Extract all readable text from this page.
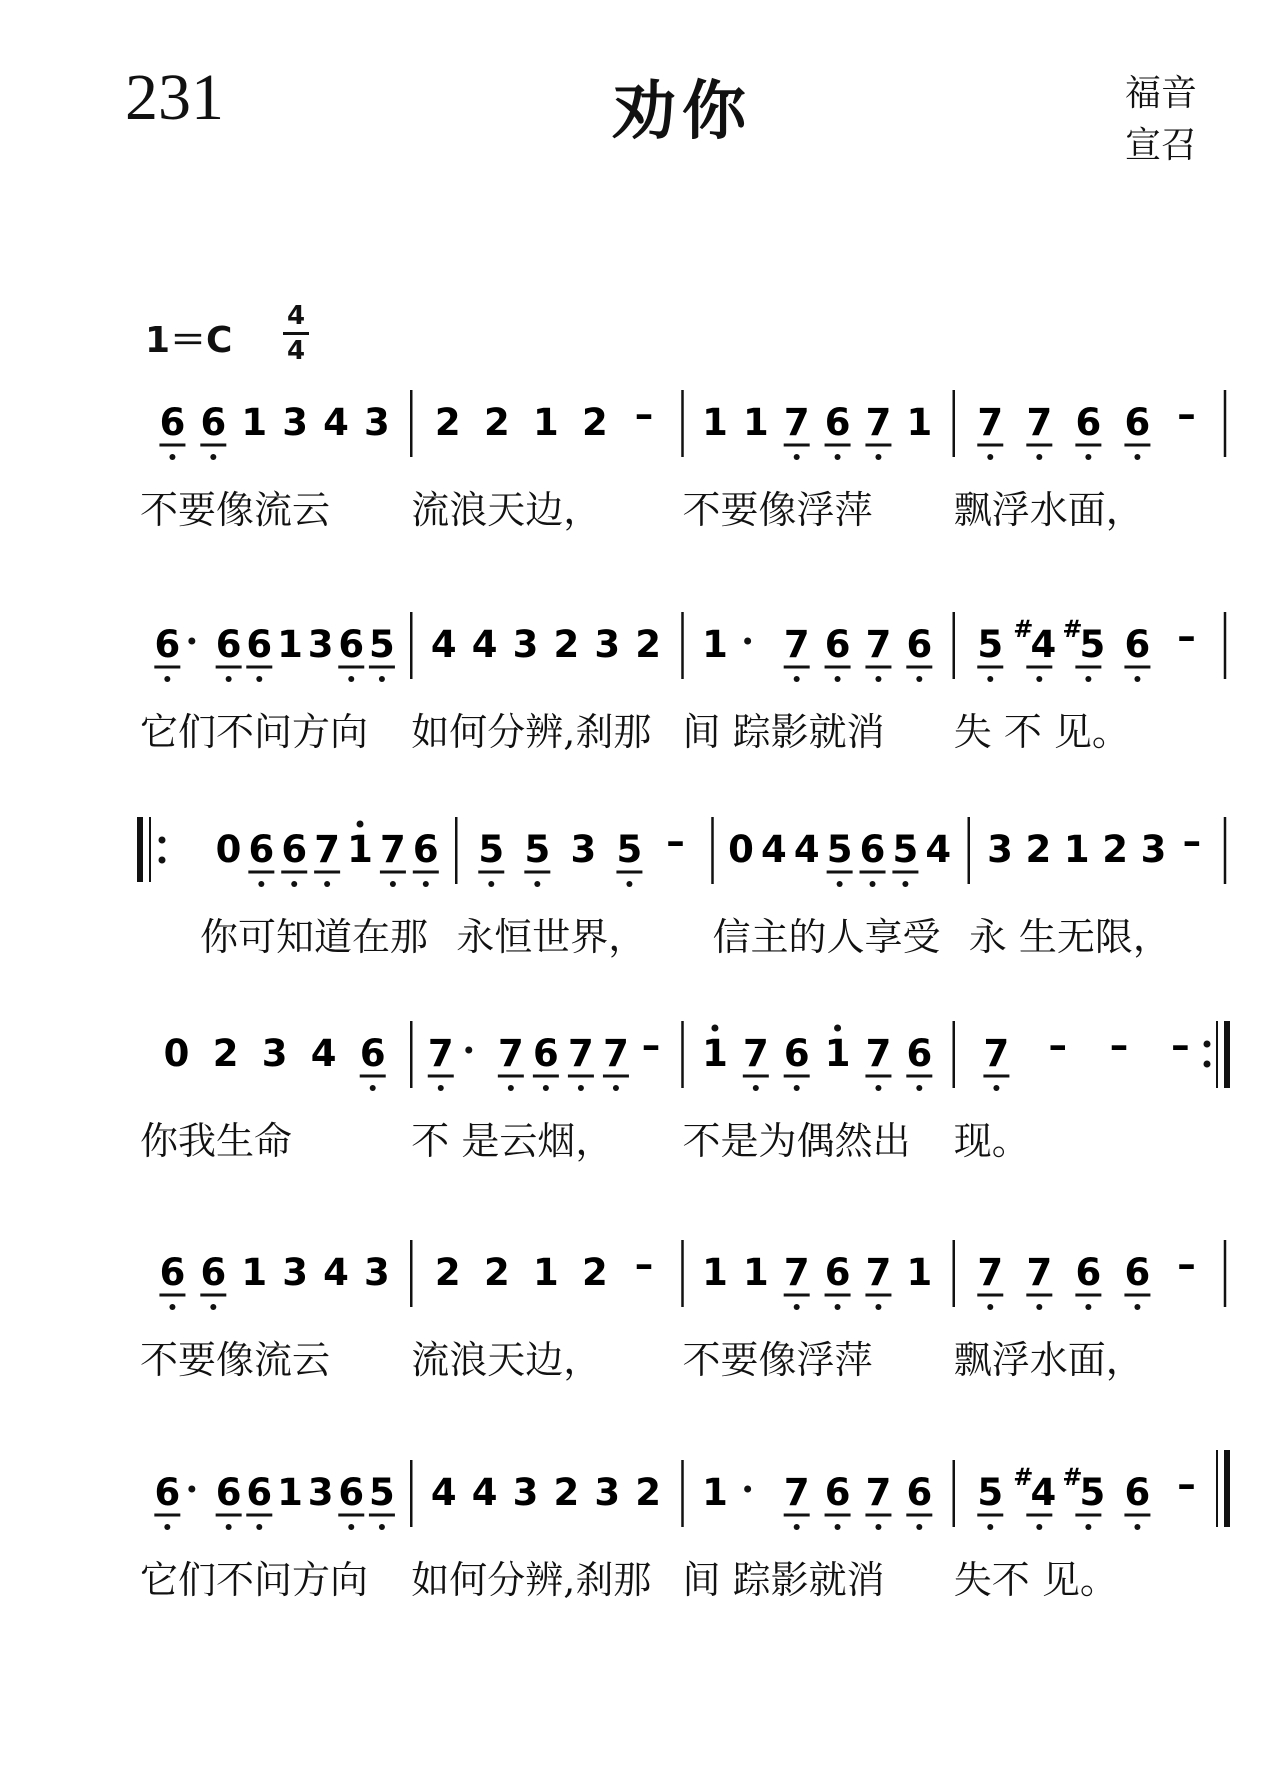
231	劝你	福音
宣召
1＝C
4
4
6 6 1 3 4 3 2 2 1 2 – 1 1 7 6 7 1 7 7 6 6 –
6 6 6 1 3 6 5 4 4 3 2 3 2 1 7 6 7 6 5 #
4 #
5 6 –
0 6 6 7 1 7 6 5 5 3 5 – 0 4 4 5 6 5 4 3 2 1 2 3 –
0 2 3 4 6 7 7 6 7 7 – 1 7 6 1 7 6 7 – – –
6 6 1 3 4 3 2 2 1 2 – 1 1 7 6 7 1 7 7 6 6 –
6 6 6 1 3 6 5 4 4 3 2 3 2 1 7 6 7 6 5 #
4 #
5 6 –
不要像流云 流浪天边， 不要像浮萍 飘浮水面，
它们不问方向 如何分辨,刹那 间 踪影就消 失 不 见。
你可知道在那 永恒世界， 信主的人享受 永 生无限，
你我生命	不 是云烟， 不是为偶然出 现。
不要像流云 流浪天边， 不要像浮萍 飘浮水面，
它们不问方向 如何分辨,刹那 间 踪影就消 失不 见。
